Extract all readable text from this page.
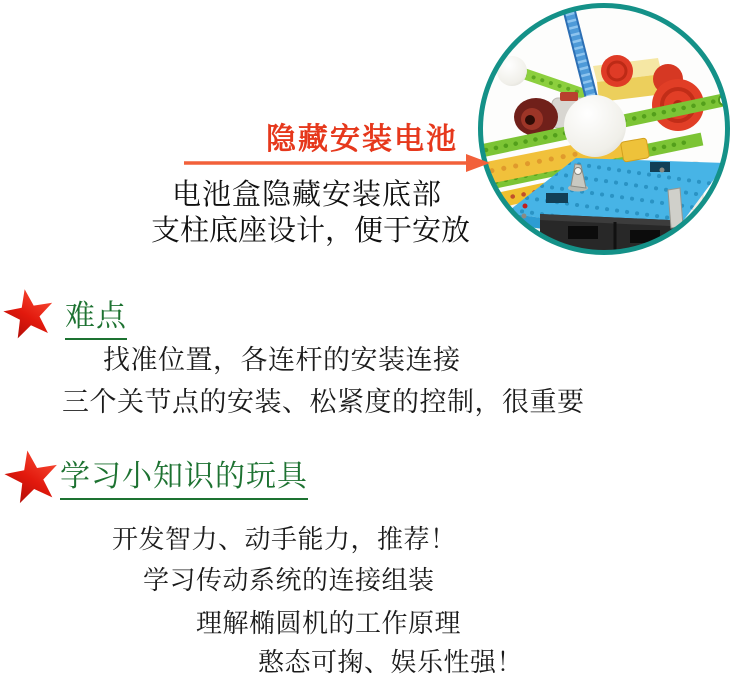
隐藏安装电池
电池盒隐藏安装底部
支柱底座设计，便于安放
难点
找准位置，各连杆的安装连接
三个关节点的安装、松紧度的控制，很重要
学习小知识的玩具
开发智力、动手能力，推荐！
学习传动系统的连接组装
理解椭圆机的工作原理
憨态可掬、娱乐性强！
